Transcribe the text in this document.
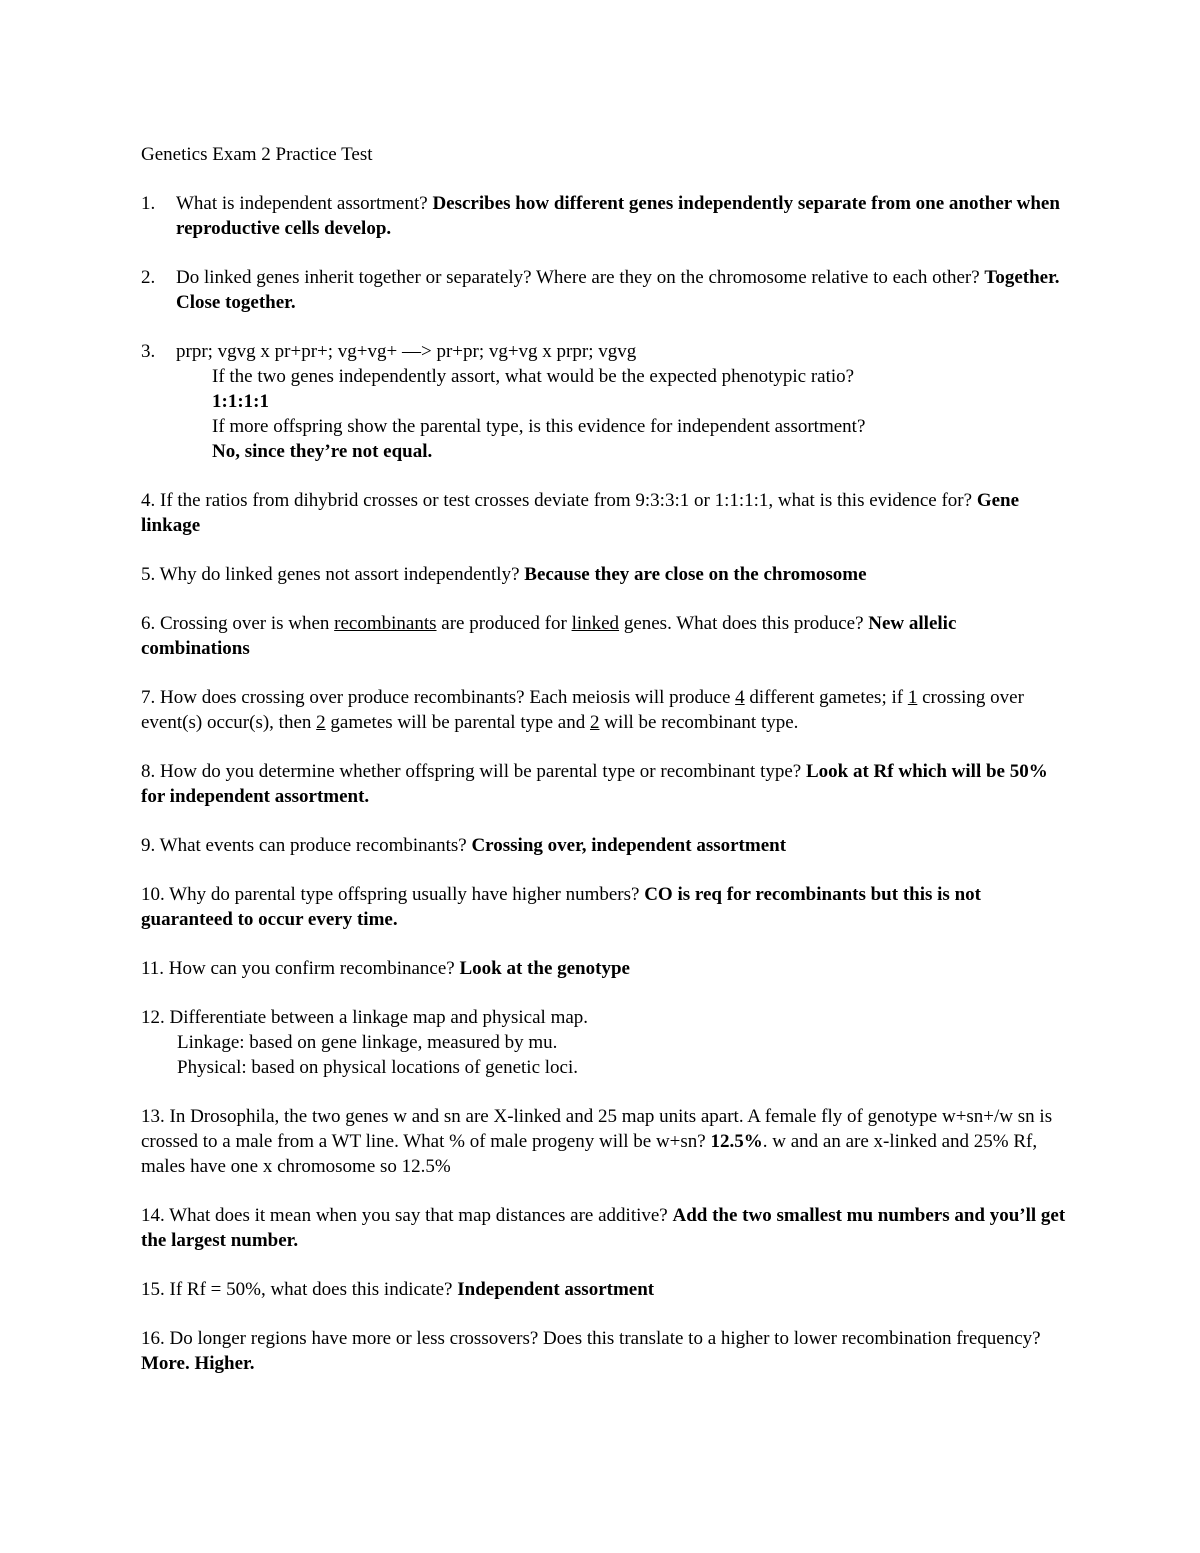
Genetics Exam 2 Practice Test

1. What is independent assortment? Describes how different genes independently separate from one another when reproductive cells develop.
2. Do linked genes inherit together or separately? Where are they on the chromosome relative to each other? Together. Close together.
3. prpr; vgvg x pr+pr+; vg+vg+ —> pr+pr; vg+vg x prpr; vgvg
If the two genes independently assort, what would be the expected phenotypic ratio?
1:1:1:1
If more offspring show the parental type, is this evidence for independent assortment?
No, since they’re not equal.
4. If the ratios from dihybrid crosses or test crosses deviate from 9:3:3:1 or 1:1:1:1, what is this evidence for? Gene linkage
5. Why do linked genes not assort independently? Because they are close on the chromosome
6. Crossing over is when recombinants are produced for linked genes. What does this produce? New allelic combinations
7. How does crossing over produce recombinants? Each meiosis will produce 4 different gametes; if 1 crossing over event(s) occur(s), then 2 gametes will be parental type and 2 will be recombinant type.
8. How do you determine whether offspring will be parental type or recombinant type? Look at Rf which will be 50% for independent assortment.
9. What events can produce recombinants? Crossing over, independent assortment
10. Why do parental type offspring usually have higher numbers? CO is req for recombinants but this is not guaranteed to occur every time.
11. How can you confirm recombinance? Look at the genotype
12. Differentiate between a linkage map and physical map.
Linkage: based on gene linkage, measured by mu.
Physical: based on physical locations of genetic loci.
13. In Drosophila, the two genes w and sn are X-linked and 25 map units apart. A female fly of genotype w+sn+/w sn is crossed to a male from a WT line. What % of male progeny will be w+sn? 12.5%. w and an are x-linked and 25% Rf, males have one x chromosome so 12.5%
14. What does it mean when you say that map distances are additive? Add the two smallest mu numbers and you’ll get the largest number.
15. If Rf = 50%, what does this indicate? Independent assortment
16. Do longer regions have more or less crossovers? Does this translate to a higher to lower recombination frequency? More. Higher.
